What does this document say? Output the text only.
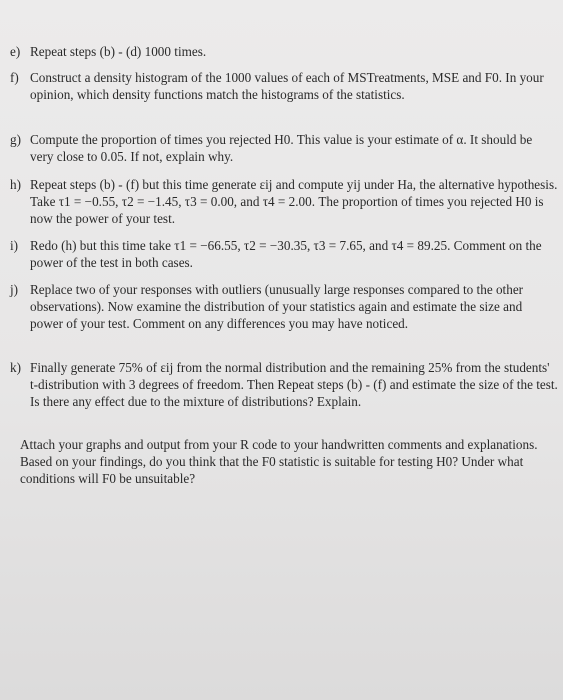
e) Repeat steps (b) - (d) 1000 times.
f) Construct a density histogram of the 1000 values of each of MSTreatments, MSE and F0. In your opinion, which density functions match the histograms of the statistics.
g) Compute the proportion of times you rejected H0. This value is your estimate of α. It should be very close to 0.05. If not, explain why.
h) Repeat steps (b) - (f) but this time generate εij and compute yij under Ha, the alternative hypothesis. Take τ1 = −0.55, τ2 = −1.45, τ3 = 0.00, and τ4 = 2.00. The proportion of times you rejected H0 is now the power of your test.
i) Redo (h) but this time take τ1 = −66.55, τ2 = −30.35, τ3 = 7.65, and τ4 = 89.25. Comment on the power of the test in both cases.
j) Replace two of your responses with outliers (unusually large responses compared to the other observations). Now examine the distribution of your statistics again and estimate the size and power of your test. Comment on any differences you may have noticed.
k) Finally generate 75% of εij from the normal distribution and the remaining 25% from the students' t-distribution with 3 degrees of freedom. Then Repeat steps (b) - (f) and estimate the size of the test. Is there any effect due to the mixture of distributions? Explain.
Attach your graphs and output from your R code to your handwritten comments and explanations. Based on your findings, do you think that the F0 statistic is suitable for testing H0? Under what conditions will F0 be unsuitable?
